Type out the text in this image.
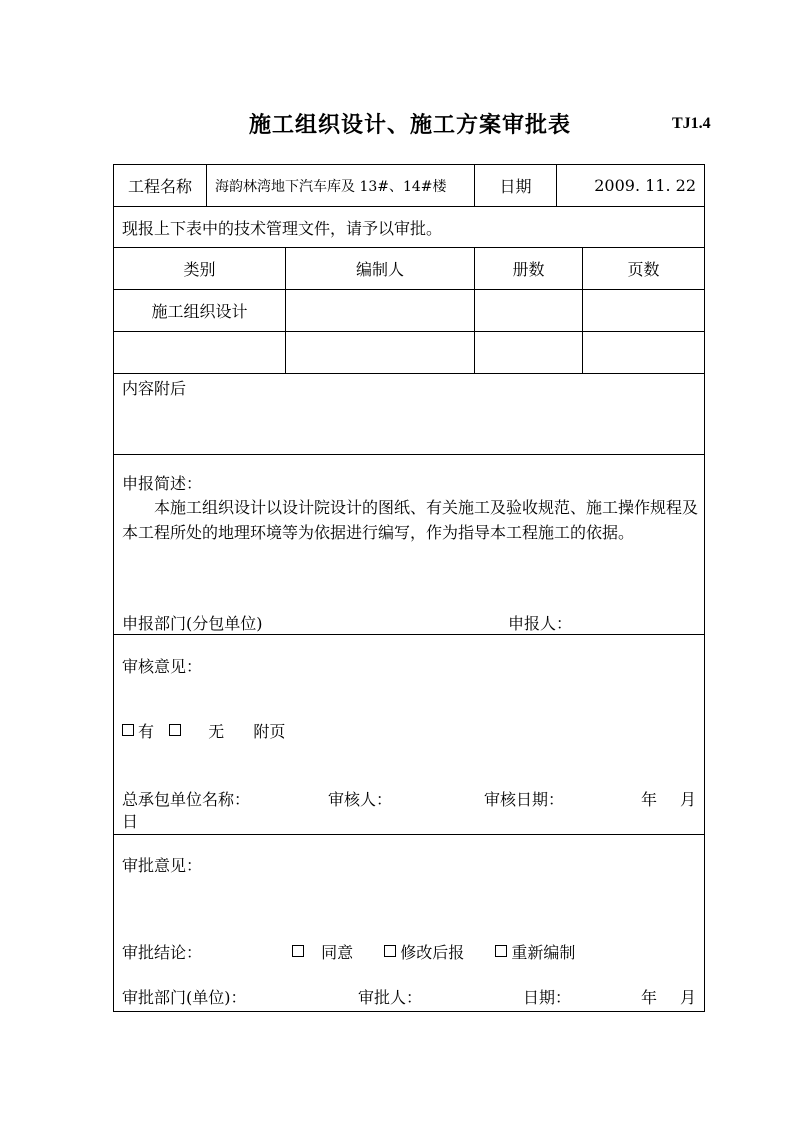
施工组织设计、施工方案审批表	TJ1.4
工程名称	海韵林湾地下汽车库及 13#、14#楼	日期	2009. 11. 22
现报上下表中的技术管理文件，请予以审批。
类别	编制人	册数	页数
施工组织设计
内容附后
申报简述：
本施工组织设计以设计院设计的图纸、有关施工及验收规范、施工操作规程及本工程所处的地理环境等为依据进行编写，作为指导本工程施工的依据。
申报部门(分包单位)	申报人：
审核意见：
有	无 附页
总承包单位名称：	审核人：	审核日期：	年 月
日
审批意见：
审批结论：	同意	修改后报	重新编制
审批部门(单位)：	审批人：	日期：	年 月
